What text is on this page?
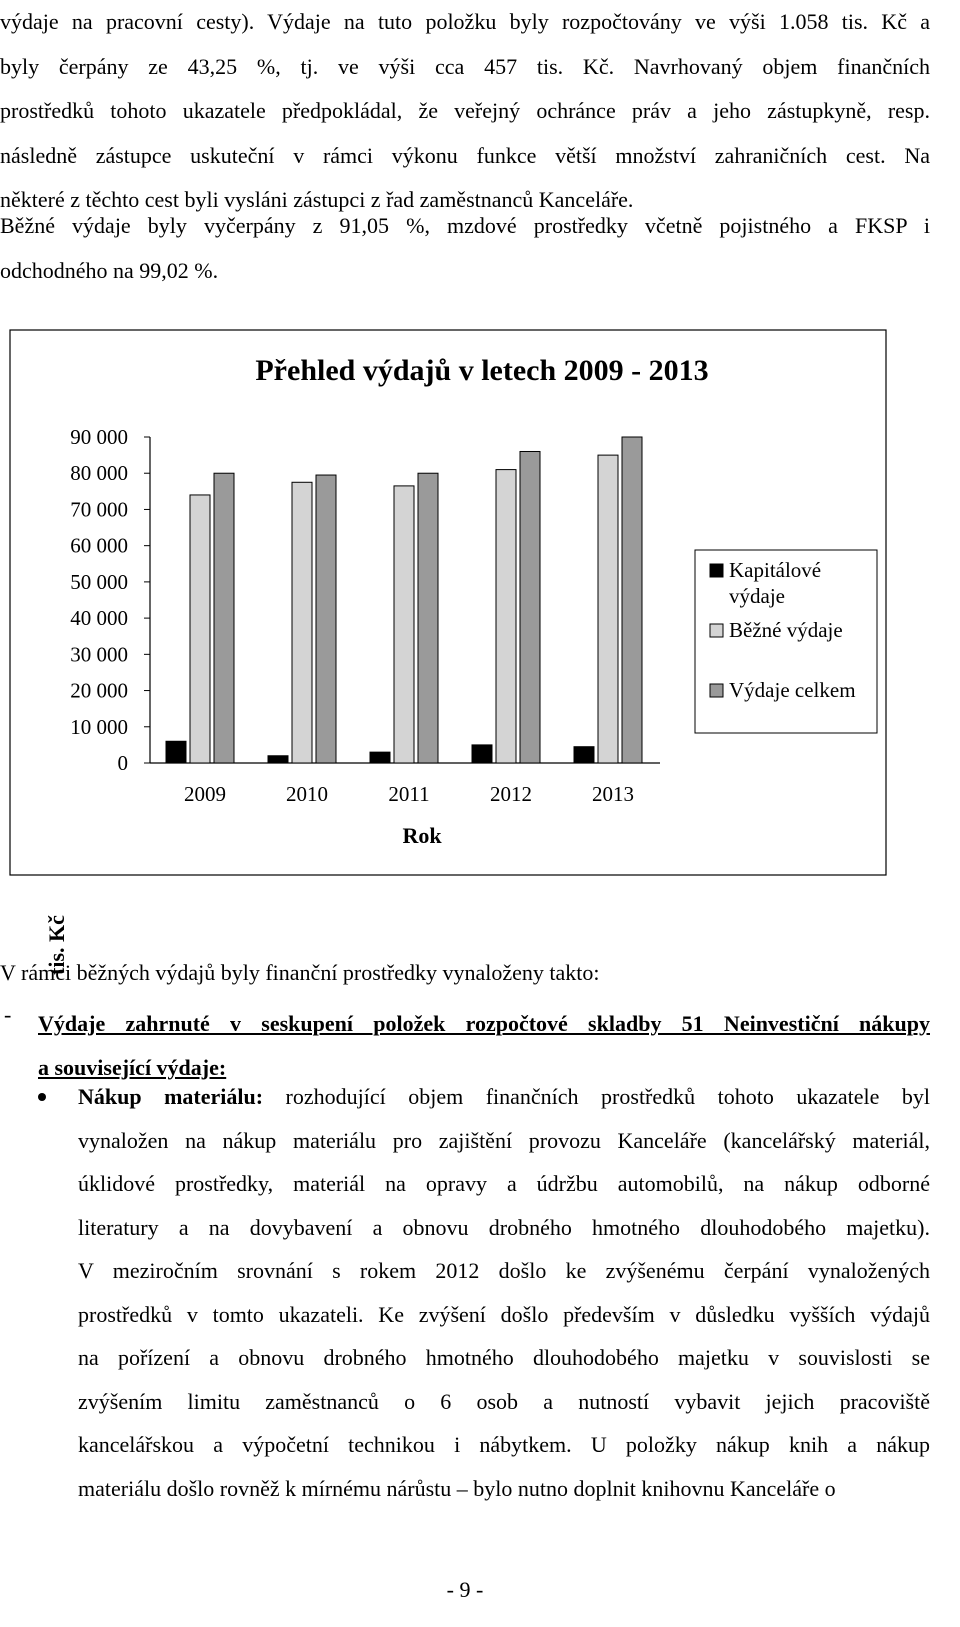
výdaje na pracovní cesty). Výdaje na tuto položku byly rozpočtovány ve výši 1.058 tis. Kč a
byly čerpány ze 43,25 %, tj. ve výši cca 457 tis. Kč. Navrhovaný objem finančních
prostředků tohoto ukazatele předpokládal, že veřejný ochránce práv a jeho zástupkyně, resp.
následně zástupce uskuteční v rámci výkonu funkce větší množství zahraničních cest. Na
některé z těchto cest byli vysláni zástupci z řad zaměstnanců Kanceláře.
Běžné výdaje byly vyčerpány z 91,05 %, mzdové prostředky včetně pojistného a FKSP i
odchodného na 99,02 %.
Přehled výdajů v letech 2009 - 2013
tis. Kč
Rok
0
10 000
20 000
30 000
40 000
50 000
60 000
70 000
80 000
90 000
2009	2010	2011	2012	2013
Kapitálové
výdaje
Běžné výdaje
Výdaje celkem

V rámci běžných výdajů byly finanční prostředky vynaloženy takto:

- Výdaje zahrnuté v seskupení položek rozpočtové skladby 51 Neinvestiční nákupy
a související výdaje:
Nákup materiálu: rozhodující objem finančních prostředků tohoto ukazatele byl
vynaložen na nákup materiálu pro zajištění provozu Kanceláře (kancelářský materiál,
úklidové prostředky, materiál na opravy a údržbu automobilů, na nákup odborné
literatury a na dovybavení a obnovu drobného hmotného dlouhodobého majetku).
V meziročním srovnání s rokem 2012 došlo ke zvýšenému čerpání vynaložených
prostředků v tomto ukazateli. Ke zvýšení došlo především v důsledku vyšších výdajů
na pořízení a obnovu drobného hmotného dlouhodobého majetku v souvislosti se
zvýšením limitu zaměstnanců o 6 osob a nutností vybavit jejich pracoviště
kancelářskou a výpočetní technikou i nábytkem. U položky nákup knih a nákup
materiálu došlo rovněž k mírnému nárůstu – bylo nutno doplnit knihovnu Kanceláře o
- 9 -
